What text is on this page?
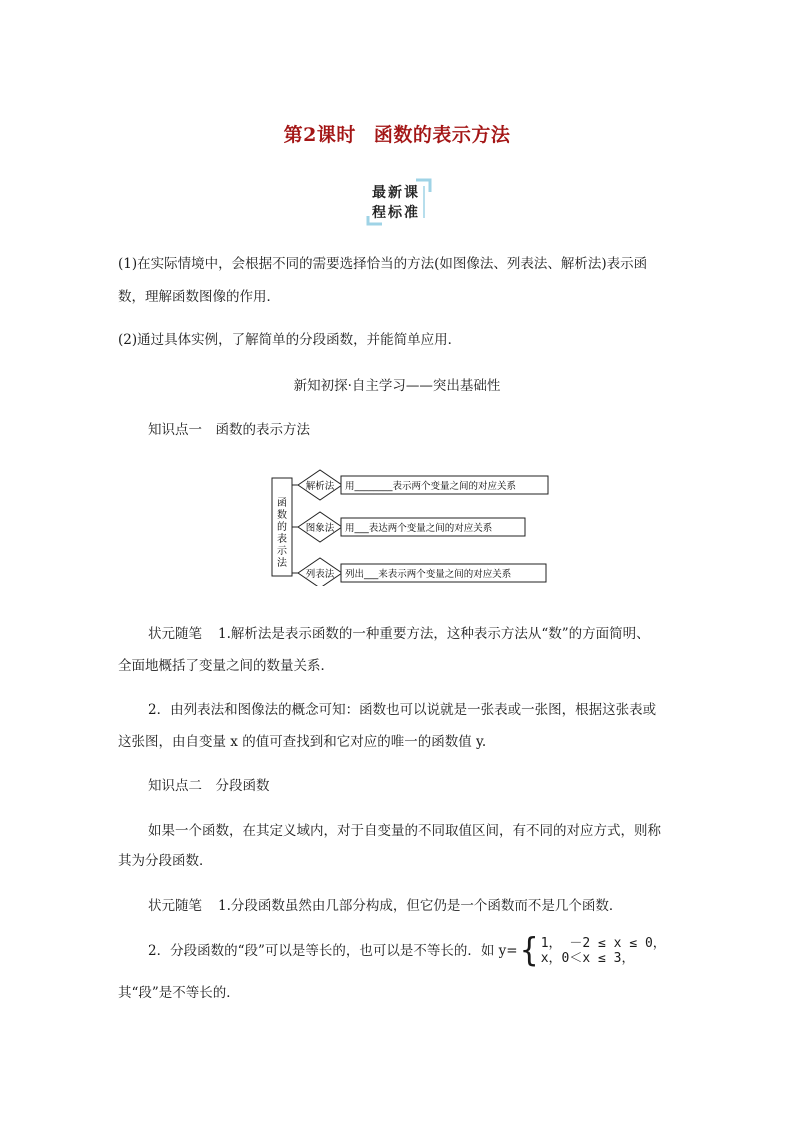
第2课时 函数的表示方法
最新课
程标准
(1)在实际情境中，会根据不同的需要选择恰当的方法(如图像法、列表法、解析法)表示函
数，理解函数图像的作用．
(2)通过具体实例，了解简单的分段函数，并能简单应用．
新知初探·自主学习——突出基础性
知识点一　函数的表示方法
函
数
的
表
示
法
解析法 用________表示两个变量之间的对应关系
图象法 用___表达两个变量之间的对应关系
列表法 列出___来表示两个变量之间的对应关系
状元随笔 1.解析法是表示函数的一种重要方法，这种表示方法从“数”的方面简明、
全面地概括了变量之间的数量关系．
2．由列表法和图像法的概念可知：函数也可以说就是一张表或一张图，根据这张表或
这张图，由自变量 x 的值可查找到和它对应的唯一的函数值 y.
知识点二　分段函数
如果一个函数，在其定义域内，对于自变量的不同取值区间，有不同的对应方式，则称
其为分段函数．
状元随笔 1.分段函数虽然由几部分构成，但它仍是一个函数而不是几个函数．
2．分段函数的“段”可以是等长的，也可以是不等长的．如 y= { 1， －2 ≤ x ≤ 0，
x，0＜x ≤ 3，
其“段”是不等长的．
